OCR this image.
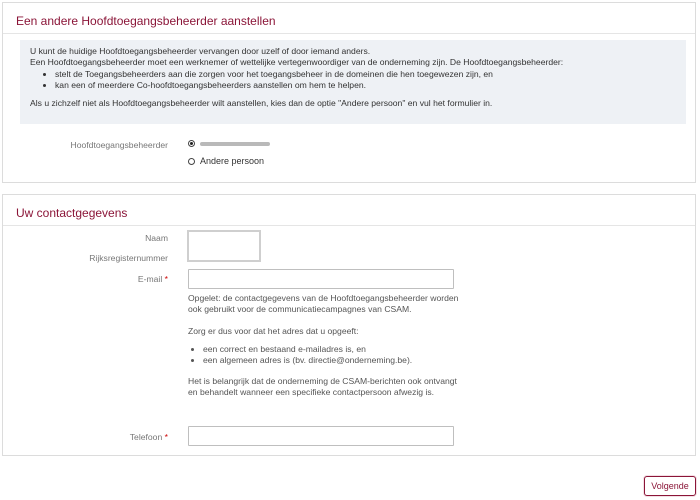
Een andere Hoofdtoegangsbeheerder aanstellen

U kunt de huidige Hoofdtoegangsbeheerder vervangen door uzelf of door iemand anders.

Een Hoofdtoegangsbeheerder moet een werknemer of wettelijke vertegenwoordiger van de onderneming zijn. De Hoofdtoegangsbeheerder:

• stelt de Toegangsbeheerders aan die zorgen voor het toegangsbeheer in de domeinen die hen toegewezen zijn, en
• kan een of meerdere Co-hoofdtoegangsbeheerders aanstellen om hem te helpen.

Als u zichzelf niet als Hoofdtoegangsbeheerder wilt aanstellen, kies dan de optie "Andere persoon" en vul het formulier in.

Hoofdtoegangsbeheerder
Andere persoon
Uw contactgegevens
Naam
Rijksregisternummer
E-mail *

Opgelet: de contactgegevens van de Hoofdtoegangsbeheerder worden ook gebruikt voor de communicatiecampagnes van CSAM.

Zorg er dus voor dat het adres dat u opgeeft:

• een correct en bestaand e-mailadres is, en
• een algemeen adres is (bv. directie@onderneming.be).

Het is belangrijk dat de onderneming de CSAM-berichten ook ontvangt en behandelt wanneer een specifieke contactpersoon afwezig is.

Telefoon *
Volgende
